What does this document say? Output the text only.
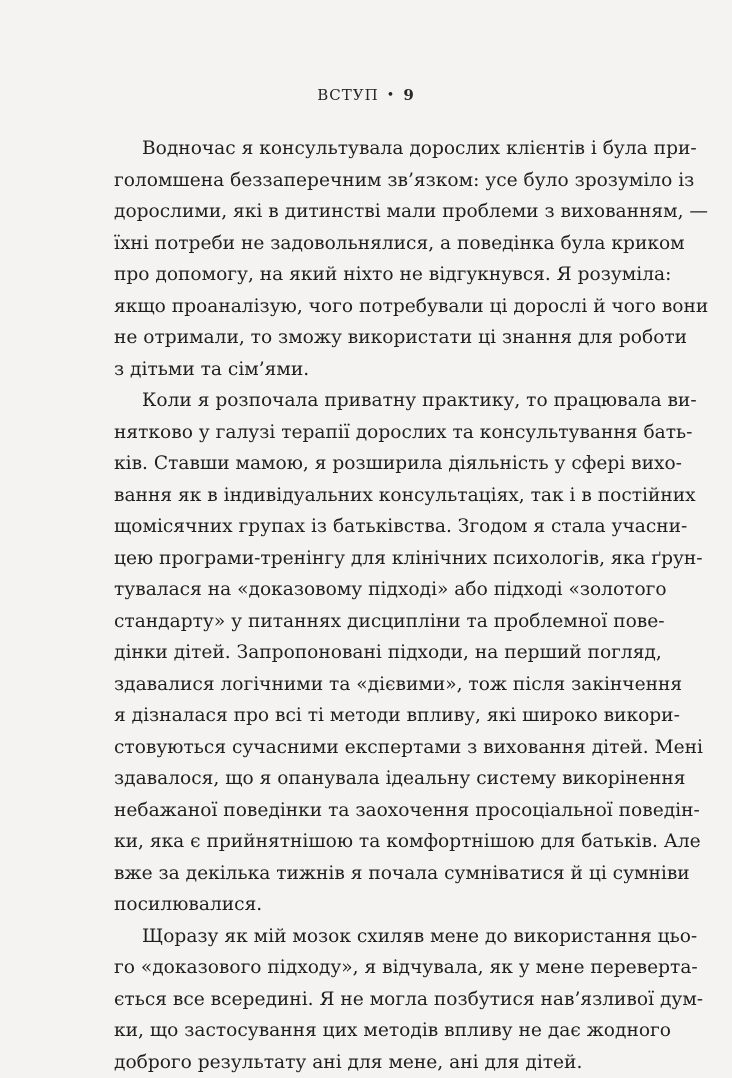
ВСТУП • 9
Водночас я консультувала дорослих клієнтів і була при-
голомшена беззаперечним зв’язком: усе було зрозуміло із
дорослими, які в дитинстві мали проблеми з вихованням, —
їхні потреби не задовольнялися, а поведінка була криком
про допомогу, на який ніхто не відгукнувся. Я розуміла:
якщо проаналізую, чого потребували ці дорослі й чого вони
не отримали, то зможу використати ці знання для роботи
з дітьми та сім’ями.
Коли я розпочала приватну практику, то працювала ви-
нятково у галузі терапії дорослих та консультування бать-
ків. Ставши мамою, я розширила діяльність у сфері вихо-
вання як в індивідуальних консультаціях, так і в постійних
щомісячних групах із батьківства. Згодом я стала учасни-
цею програми-тренінгу для клінічних психологів, яка ґрун-
тувалася на «доказовому підході» або підході «золотого
стандарту» у питаннях дисципліни та проблемної пове-
дінки дітей. Запропоновані підходи, на перший погляд,
здавалися логічними та «дієвими», тож після закінчення
я дізналася про всі ті методи впливу, які широко викори-
стовуються сучасними експертами з виховання дітей. Мені
здавалося, що я опанувала ідеальну систему викорінення
небажаної поведінки та заохочення просоціальної поведін-
ки, яка є прийнятнішою та комфортнішою для батьків. Але
вже за декілька тижнів я почала сумніватися й ці сумніви
посилювалися.
Щоразу як мій мозок схиляв мене до використання цьо-
го «доказового підходу», я відчувала, як у мене переверта-
ється все всередині. Я не могла позбутися нав’язливої дум-
ки, що застосування цих методів впливу не дає жодного
доброго результату ані для мене, ані для дітей.
